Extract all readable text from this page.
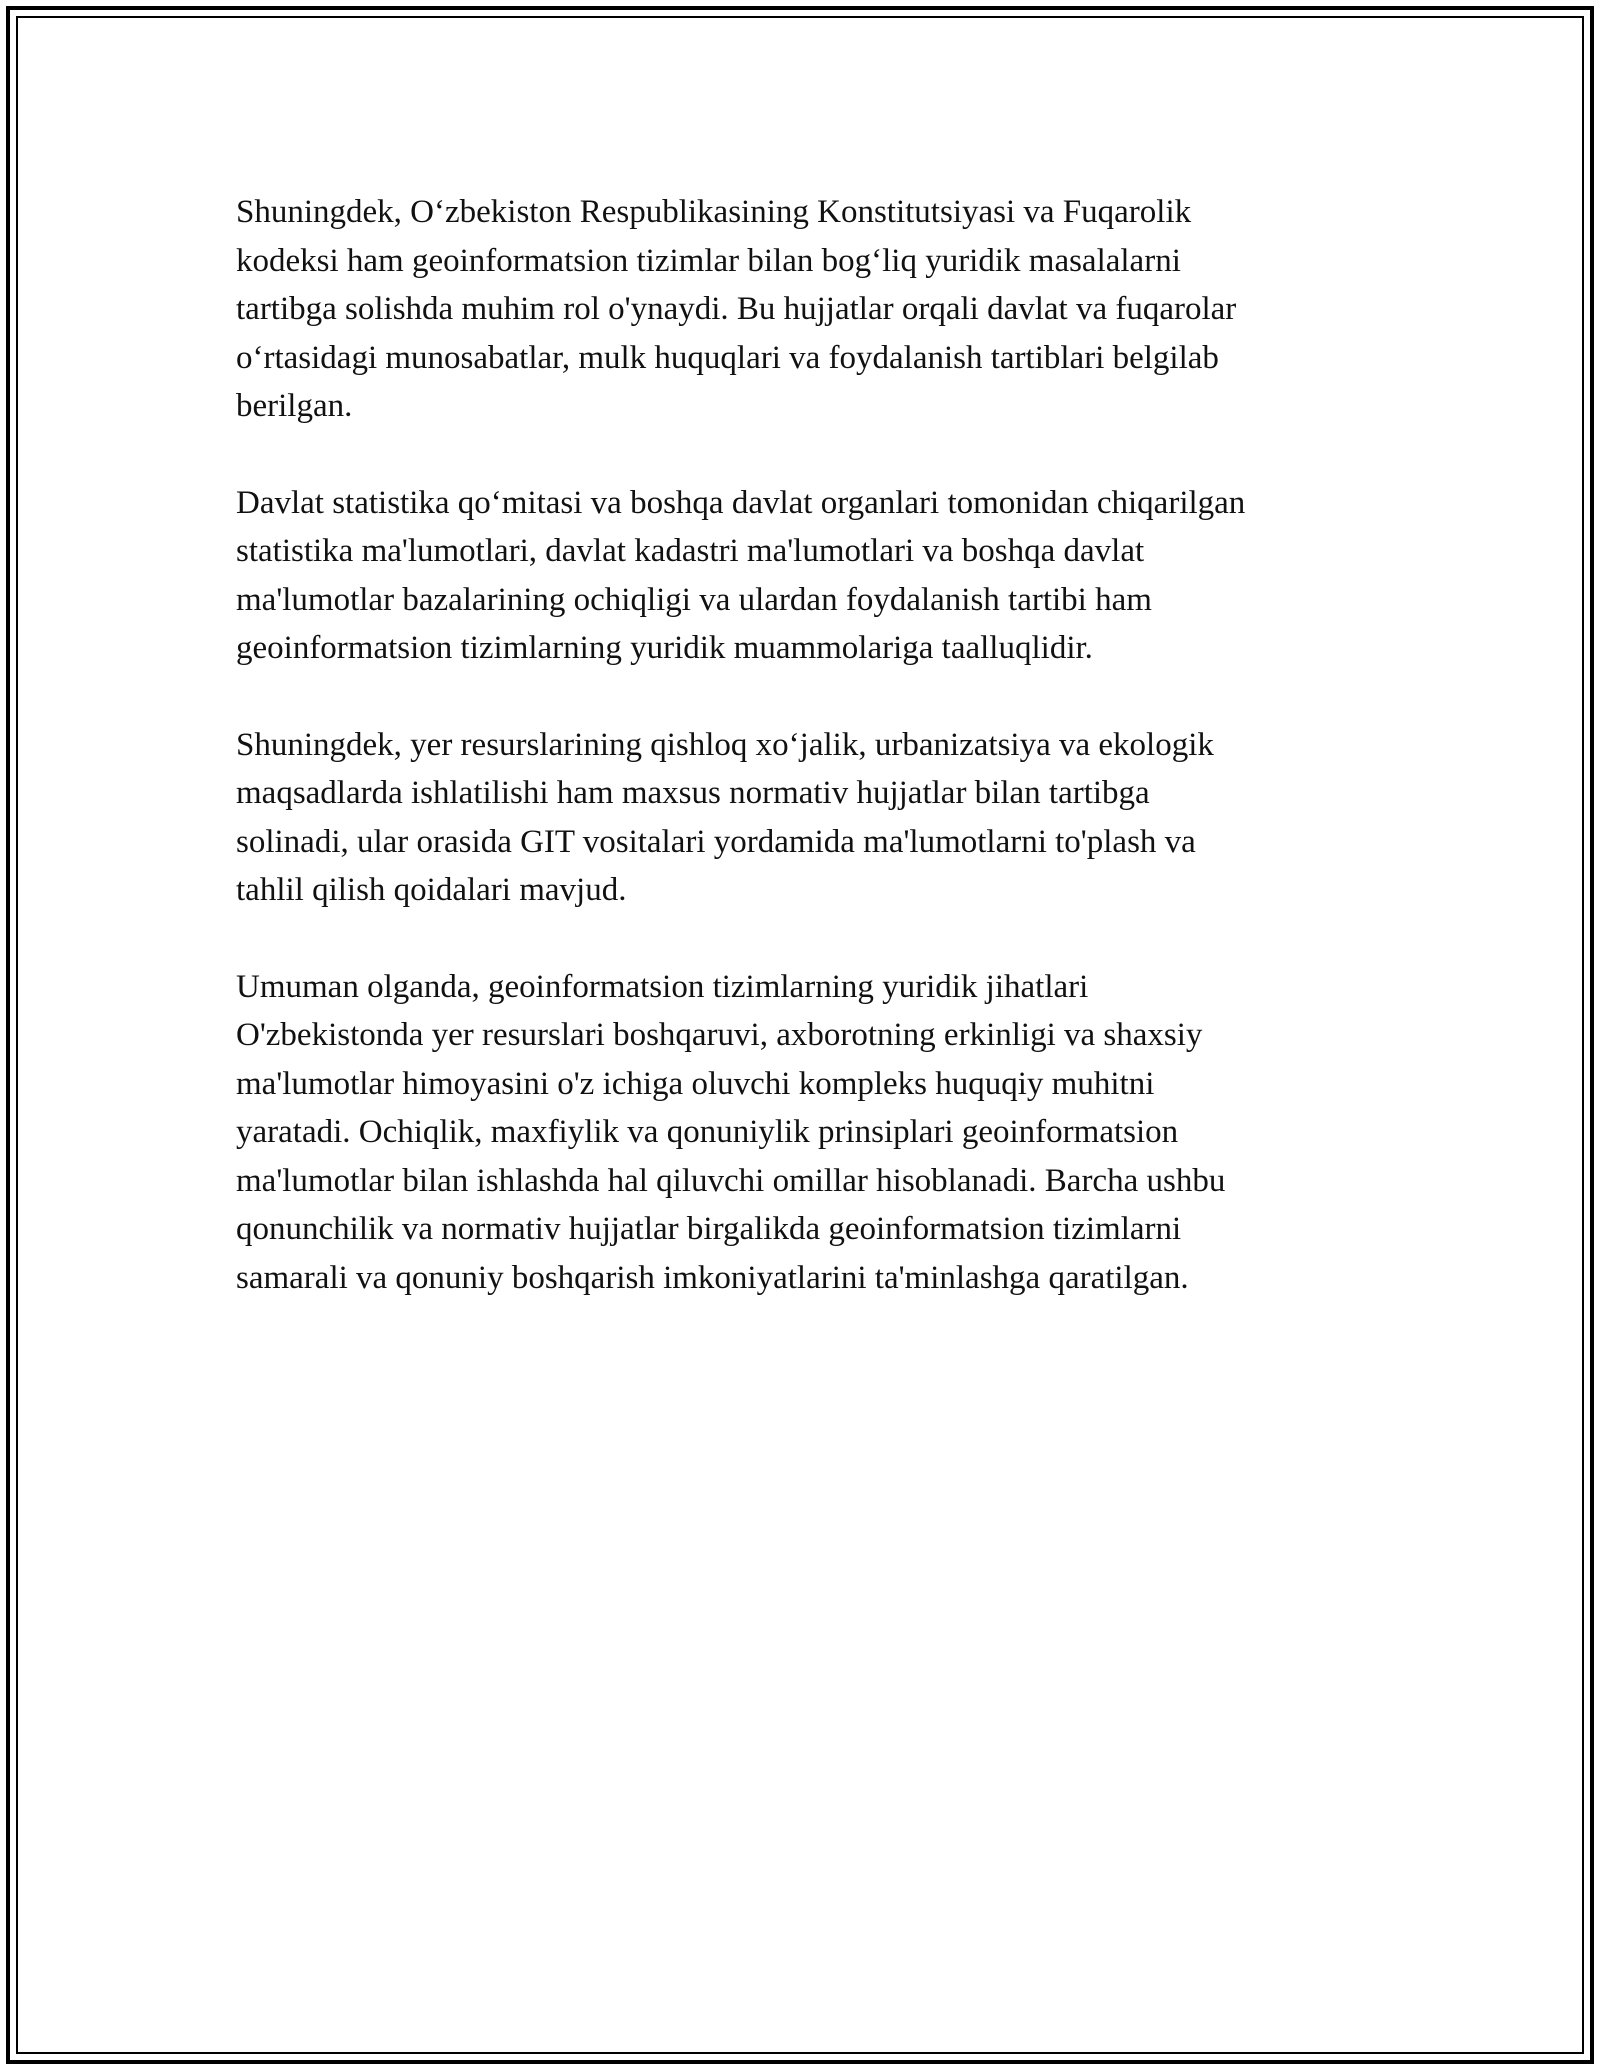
Shuningdek, O‘zbekiston Respublikasining Konstitutsiyasi va Fuqarolik
kodeksi ham geoinformatsion tizimlar bilan bog‘liq yuridik masalalarni
tartibga solishda muhim rol o'ynaydi. Bu hujjatlar orqali davlat va fuqarolar
o‘rtasidagi munosabatlar, mulk huquqlari va foydalanish tartiblari belgilab
berilgan.

Davlat statistika qo‘mitasi va boshqa davlat organlari tomonidan chiqarilgan
statistika ma'lumotlari, davlat kadastri ma'lumotlari va boshqa davlat
ma'lumotlar bazalarining ochiqligi va ulardan foydalanish tartibi ham
geoinformatsion tizimlarning yuridik muammolariga taalluqlidir.

Shuningdek, yer resurslarining qishloq xo‘jalik, urbanizatsiya va ekologik
maqsadlarda ishlatilishi ham maxsus normativ hujjatlar bilan tartibga
solinadi, ular orasida GIT vositalari yordamida ma'lumotlarni to'plash va
tahlil qilish qoidalari mavjud.

Umuman olganda, geoinformatsion tizimlarning yuridik jihatlari
O'zbekistonda yer resurslari boshqaruvi, axborotning erkinligi va shaxsiy
ma'lumotlar himoyasini o'z ichiga oluvchi kompleks huquqiy muhitni
yaratadi. Ochiqlik, maxfiylik va qonuniylik prinsiplari geoinformatsion
ma'lumotlar bilan ishlashda hal qiluvchi omillar hisoblanadi. Barcha ushbu
qonunchilik va normativ hujjatlar birgalikda geoinformatsion tizimlarni
samarali va qonuniy boshqarish imkoniyatlarini ta'minlashga qaratilgan.
